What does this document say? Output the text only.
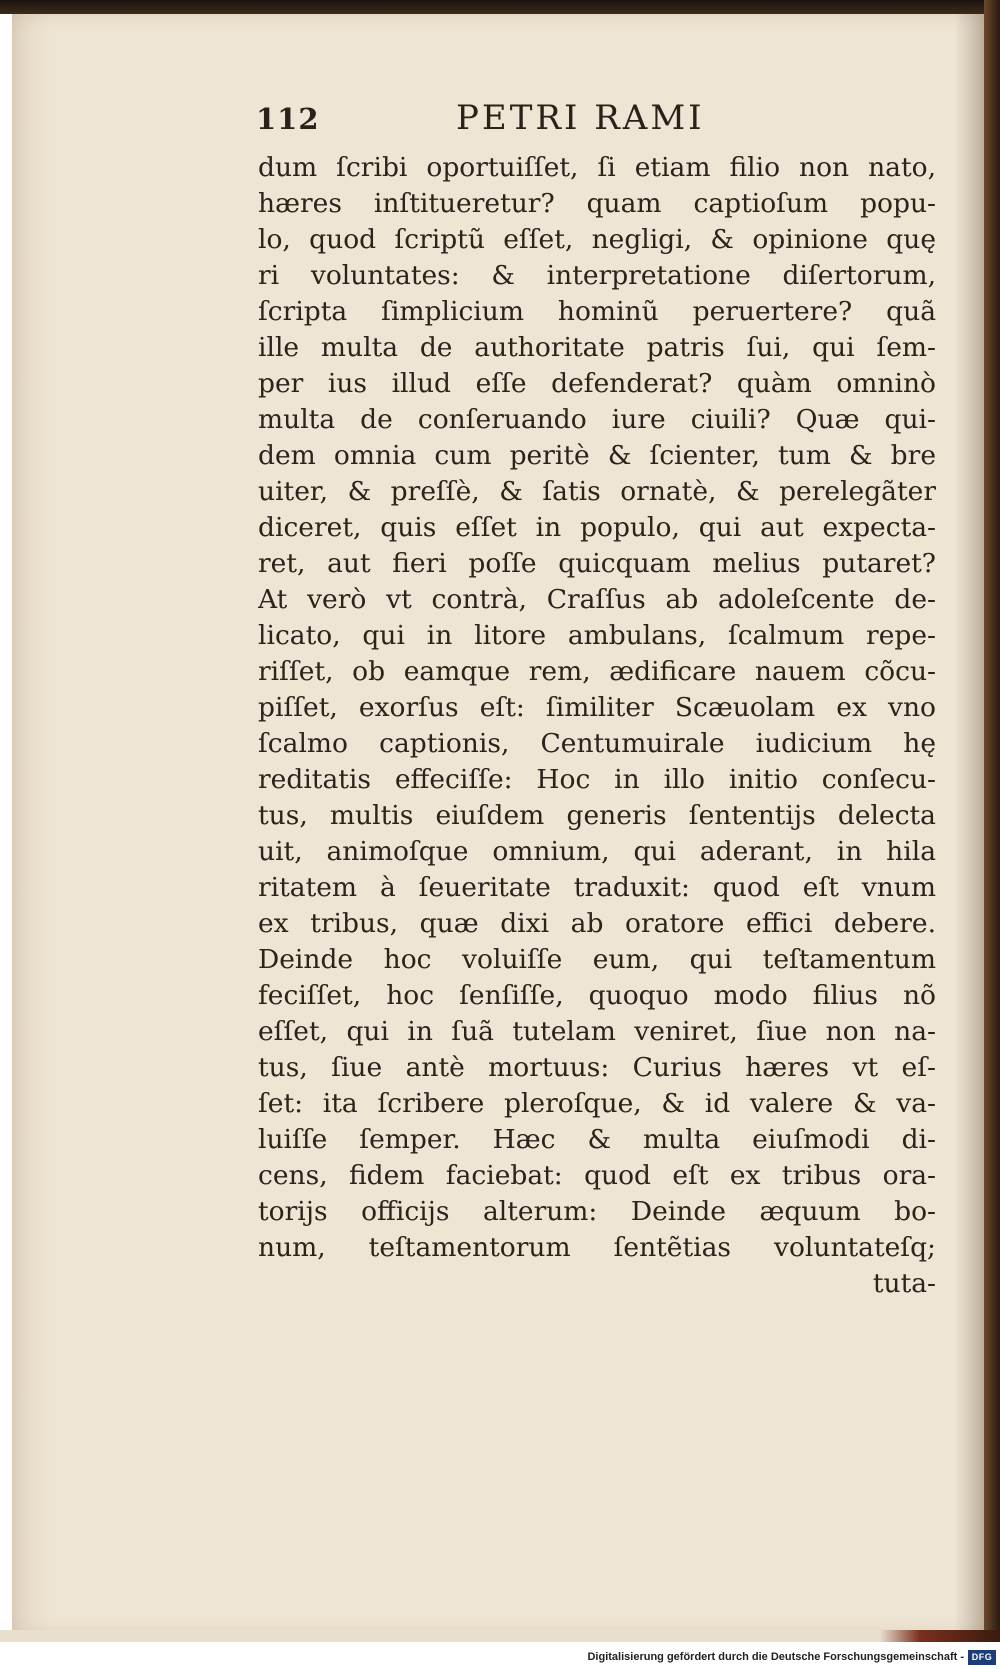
112	PETRI RAMI
dum ſcribi oportuiſſet, ſi etiam filio non nato,
hæres inſtitueretur? quam captioſum popu-
lo, quod ſcriptũ eſſet, negligi, & opinione quę
ri voluntates: & interpretatione diſertorum,
ſcripta ſimplicium hominũ peruertere? quã
ille multa de authoritate patris ſui, qui ſem-
per ius illud eſſe defenderat? quàm omninò
multa de conſeruando iure ciuili? Quæ qui-
dem omnia cum peritè & ſcienter, tum & bre
uiter, & preſſè, & ſatis ornatè, & perelegãter
diceret, quis eſſet in populo, qui aut expecta-
ret, aut fieri poſſe quicquam melius putaret?
At verò vt contrà, Craſſus ab adoleſcente de-
licato, qui in litore ambulans, ſcalmum repe-
riſſet, ob eamque rem, ædificare nauem cõcu-
piſſet, exorſus eſt: ſimiliter Scæuolam ex vno
ſcalmo captionis, Centumuirale iudicium hę
reditatis effeciſſe: Hoc in illo initio conſecu-
tus, multis eiuſdem generis ſententijs delecta
uit, animoſque omnium, qui aderant, in hila
ritatem à ſeueritate traduxit: quod eſt vnum
ex tribus, quæ dixi ab oratore effici debere.
Deinde hoc voluiſſe eum, qui teſtamentum
feciſſet, hoc ſenſiſſe, quoquo modo filius nõ
eſſet, qui in ſuã tutelam veniret, ſiue non na-
tus, ſiue antè mortuus: Curius hæres vt eſ-
ſet: ita ſcribere pleroſque, & id valere & va-
luiſſe ſemper. Hæc & multa eiuſmodi di-
cens, fidem faciebat: quod eſt ex tribus ora-
torijs officijs alterum: Deinde æquum bo-
num, teſtamentorum ſentẽtias voluntateſq;
tuta-
Digitalisierung gefördert durch die Deutsche Forschungsgemeinschaft - DFG
